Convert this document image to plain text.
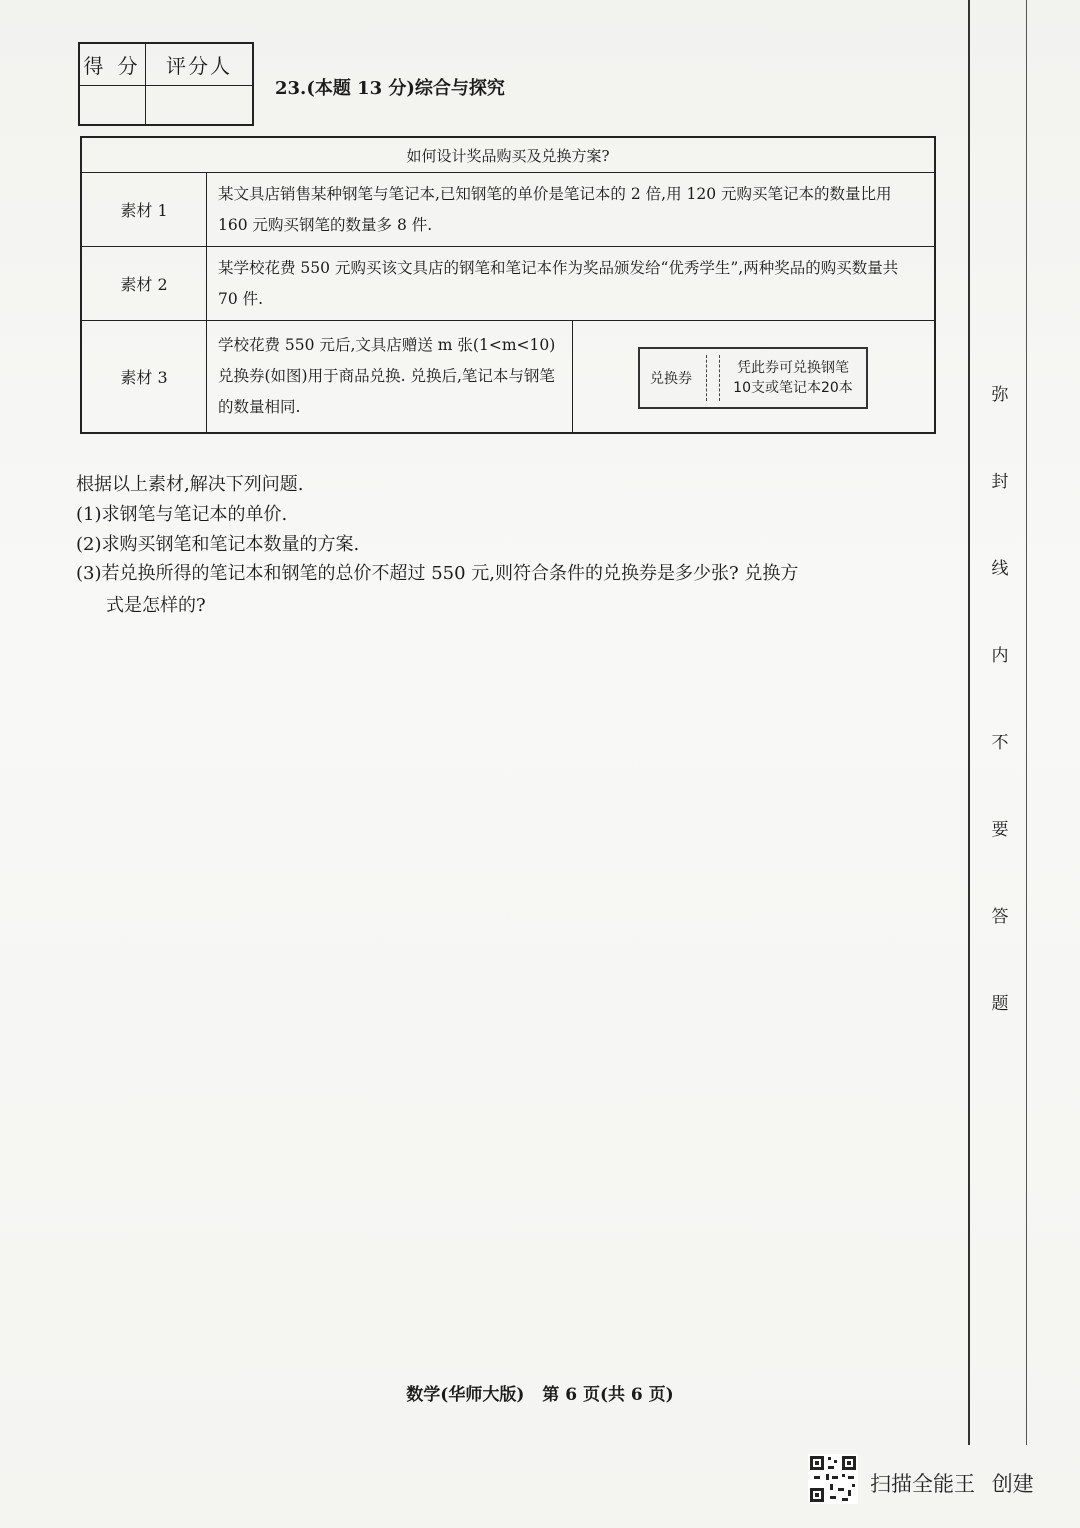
得 分	评分人
23.(本题 13 分)综合与探究
如何设计奖品购买及兑换方案?
素材 1
某文具店销售某种钢笔与笔记本,已知钢笔的单价是笔记本的 2 倍,用 120 元购买笔记本的数量比用 160 元购买钢笔的数量多 8 件.
素材 2
某学校花费 550 元购买该文具店的钢笔和笔记本作为奖品颁发给“优秀学生”,两种奖品的购买数量共 70 件.
素材 3
学校花费 550 元后,文具店赠送 m 张(1<m<10)兑换券(如图)用于商品兑换. 兑换后,笔记本与钢笔的数量相同.
兑换券
凭此券可兑换钢笔
10支或笔记本20本
根据以上素材,解决下列问题.
(1)求钢笔与笔记本的单价.
(2)求购买钢笔和笔记本数量的方案.
(3)若兑换所得的笔记本和钢笔的总价不超过 550 元,则符合条件的兑换券是多少张? 兑换方
式是怎样的?
数学(华师大版) 第 6 页(共 6 页)
弥
封
线
内
不
要
答
题
扫描全能王 创建
